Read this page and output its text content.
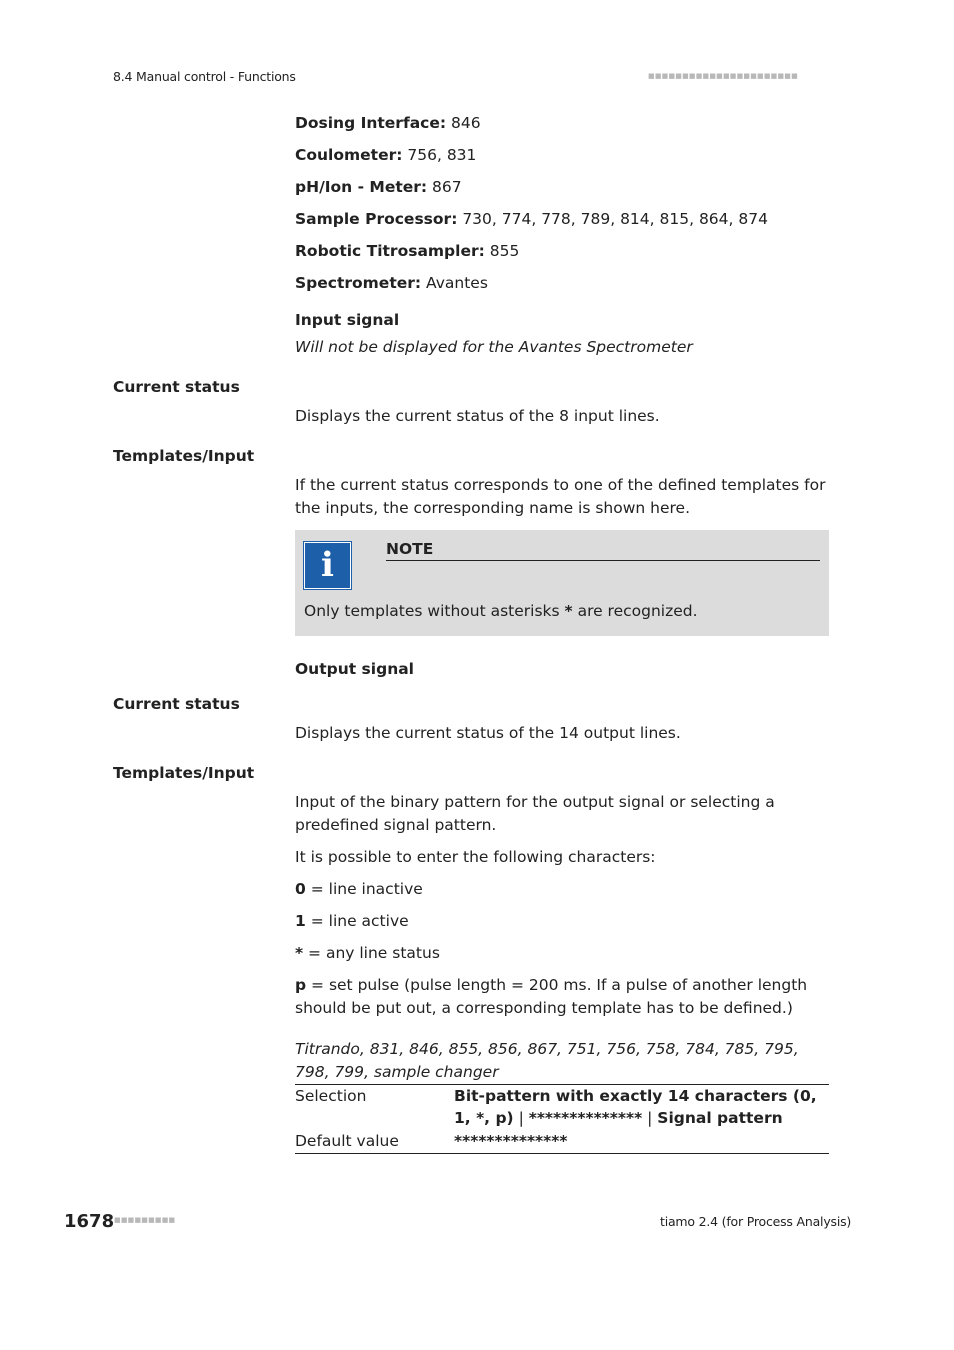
8.4 Manual control - Functions	■■■■■■■■■■■■■■■■■■■■■■
Dosing Interface: 846
Coulometer: 756, 831
pH/Ion - Meter: 867
Sample Processor: 730, 774, 778, 789, 814, 815, 864, 874
Robotic Titrosampler: 855
Spectrometer: Avantes
Input signal
Will not be displayed for the Avantes Spectrometer
Current status
Displays the current status of the 8 input lines.
Templates/Input
If the current status corresponds to one of the defined templates for the inputs, the corresponding name is shown here.
i	NOTE
Only templates without asterisks * are recognized.
Output signal
Current status
Displays the current status of the 14 output lines.
Templates/Input
Input of the binary pattern for the output signal or selecting a predefined signal pattern.
It is possible to enter the following characters:
0 = line inactive
1 = line active
* = any line status
p = set pulse (pulse length = 200 ms. If a pulse of another length should be put out, a corresponding template has to be defined.)
Titrando, 831, 846, 855, 856, 867, 751, 756, 758, 784, 785, 795, 798, 799, sample changer
Selection	Bit-pattern with exactly 14 characters (0, 1, *, p) | ************** | Signal pattern
Default value	**************
1678 ■■■■■■■■■	tiamo 2.4 (for Process Analysis)
